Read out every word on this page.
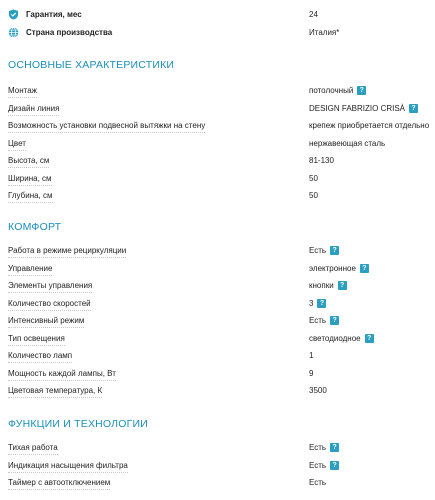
Гарантия, мес	24
Страна производства	Италия*
ОСНОВНЫЕ ХАРАКТЕРИСТИКИ
Монтаж	потолочный ?
Дизайн линия	DESIGN FABRIZIO CRISÀ ?
Возможность установки подвесной вытяжки на стену	крепеж приобретается отдельно
Цвет	нержавеющая сталь
Высота, см	81-130
Ширина, см	50
Глубина, см	50
КОМФОРТ
Работа в режиме рециркуляции	Есть ?
Управление	электронное ?
Элементы управления	кнопки ?
Количество скоростей	3 ?
Интенсивный режим	Есть ?
Тип освещения	светодиодное ?
Количество ламп	1
Мощность каждой лампы, Вт	9
Цветовая температура, К	3500
ФУНКЦИИ И ТЕХНОЛОГИИ
Тихая работа	Есть ?
Индикация насыщения фильтра	Есть ?
Таймер с автоотключением	Есть
